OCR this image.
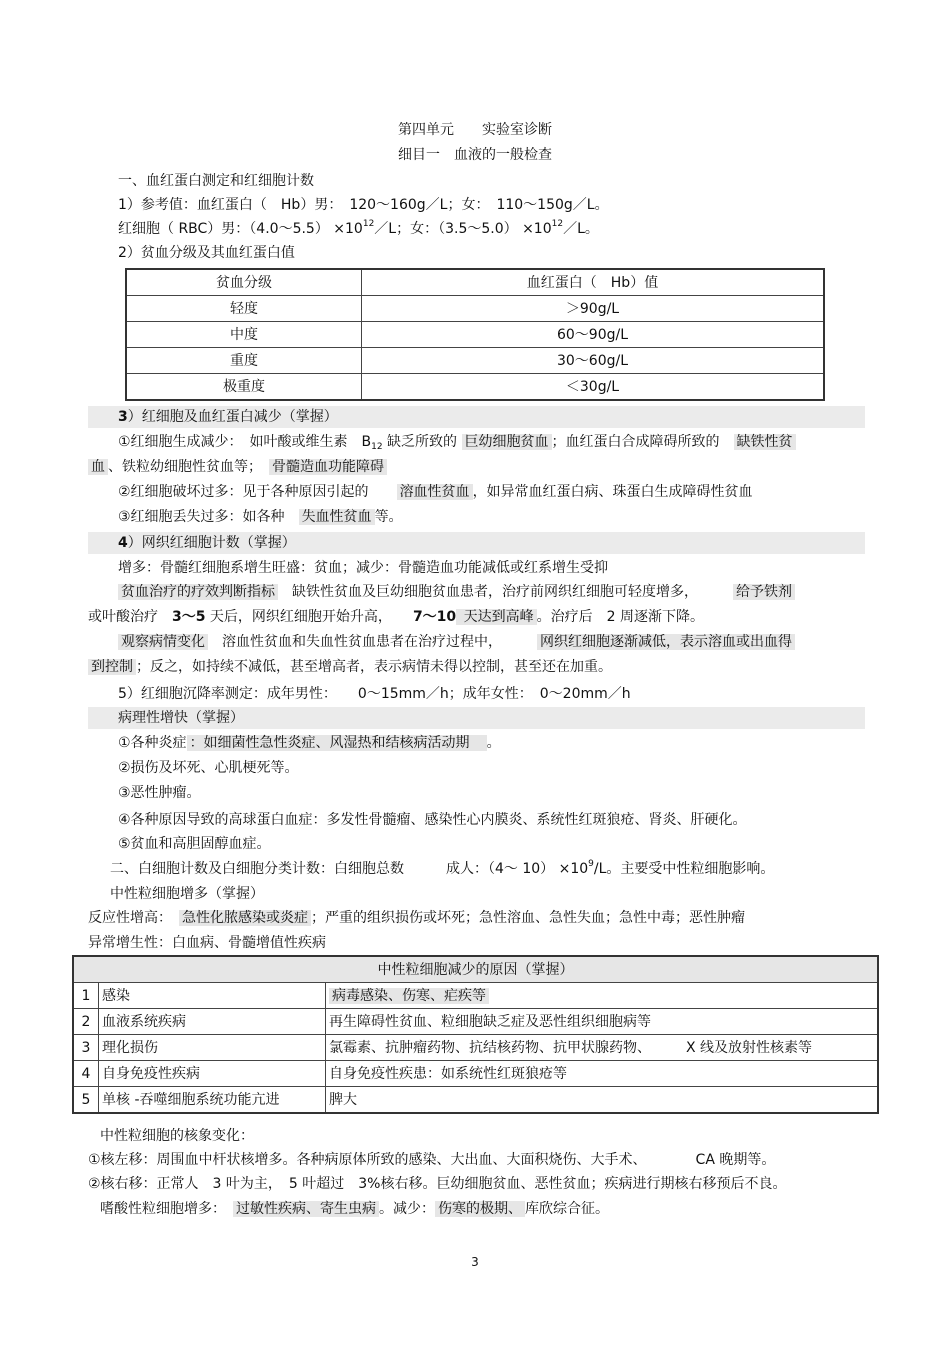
第四单元　　实验室诊断
细目一　血液的一般检查
一、血红蛋白测定和红细胞计数
1）参考值：血红蛋白（　Hb）男：　120～160g／L；女：　110～150g／L。
红细胞（ RBC）男：（4.0～5.5） $\times 10^{12}/L$；女：（3.5～5.0） $\times 10^{12}/L$。
2）贫血分级及其血红蛋白值
贫血分级	血红蛋白（　Hb）值
轻度	＞90g/L
中度	60～90g/L
重度	30～60g/L
极重度	＜30g/L
3）红细胞及血红蛋白减少（掌握）
①红细胞生成减少：　如叶酸或维生素　$B_{12}$ 缺乏所致的 巨幼细胞贫血 ；血红蛋白合成障碍所致的　缺铁性贫
血 、铁粒幼细胞性贫血等；　骨髓造血功能障碍
②红细胞破坏过多：见于各种原因引起的　　溶血性贫血 ，如异常血红蛋白病、珠蛋白生成障碍性贫血
③红细胞丢失过多：如各种　失血性贫血 等。
4）网织红细胞计数（掌握）
增多：骨髓红细胞系增生旺盛：贫血；减少：骨髓造血功能减低或红系增生受抑
贫血治疗的疗效判断指标　缺铁性贫血及巨幼细胞贫血患者，治疗前网织红细胞可轻度增多，　　　给予铁剂
或叶酸治疗　3～5 天后，网织红细胞开始升高，　　7～10 天达到高峰 。治疗后　2 周逐渐下降。
观察病情变化　溶血性贫血和失血性贫血患者在治疗过程中，　　　网织红细胞逐渐减低，表示溶血或出血得
到控制 ；反之，如持续不减低，甚至增高者，表示病情未得以控制，甚至还在加重。
5）红细胞沉降率测定：成年男性：　　0～15mm／h；成年女性：　0～20mm／h
病理性增快（掌握）
①各种炎症 ：如细菌性急性炎症、风湿热和结核病活动期　。
②损伤及坏死、心肌梗死等。
③恶性肿瘤。
④各种原因导致的高球蛋白血症：多发性骨髓瘤、感染性心内膜炎、系统性红斑狼疮、肾炎、肝硬化。
⑤贫血和高胆固醇血症。
二、白细胞计数及白细胞分类计数：白细胞总数　　　成人：（4～ $10) \times 10^9/L$。主要受中性粒细胞影响。
中性粒细胞增多（掌握）
反应性增高：　急性化脓感染或炎症 ；严重的组织损伤或坏死；急性溶血、急性失血；急性中毒；恶性肿瘤
异常增生性：白血病、骨髓增值性疾病
中性粒细胞减少的原因（掌握）		
1	感染	病毒感染、伤寒、疟疾等
2	血液系统疾病	再生障碍性贫血、粒细胞缺乏症及恶性组织细胞病等
3	理化损伤	氯霉素、抗肿瘤药物、抗结核药物、抗甲状腺药物、　　　X 线及放射性核素等
4	自身免疫性疾病	自身免疫性疾患：如系统性红斑狼疮等
5	单核 -吞噬细胞系统功能亢进	脾大
中性粒细胞的核象变化：
①核左移：周围血中杆状核增多。各种病原体所致的感染、大出血、大面积烧伤、大手术、　　　　CA 晚期等。
②核右移：正常人　3 叶为主，　5 叶超过　3%核右移。巨幼细胞贫血、恶性贫血；疾病进行期核右移预后不良。
嗜酸性粒细胞增多：　过敏性疾病、寄生虫病 。减少： 伤寒的极期、 库欣综合征。
3
